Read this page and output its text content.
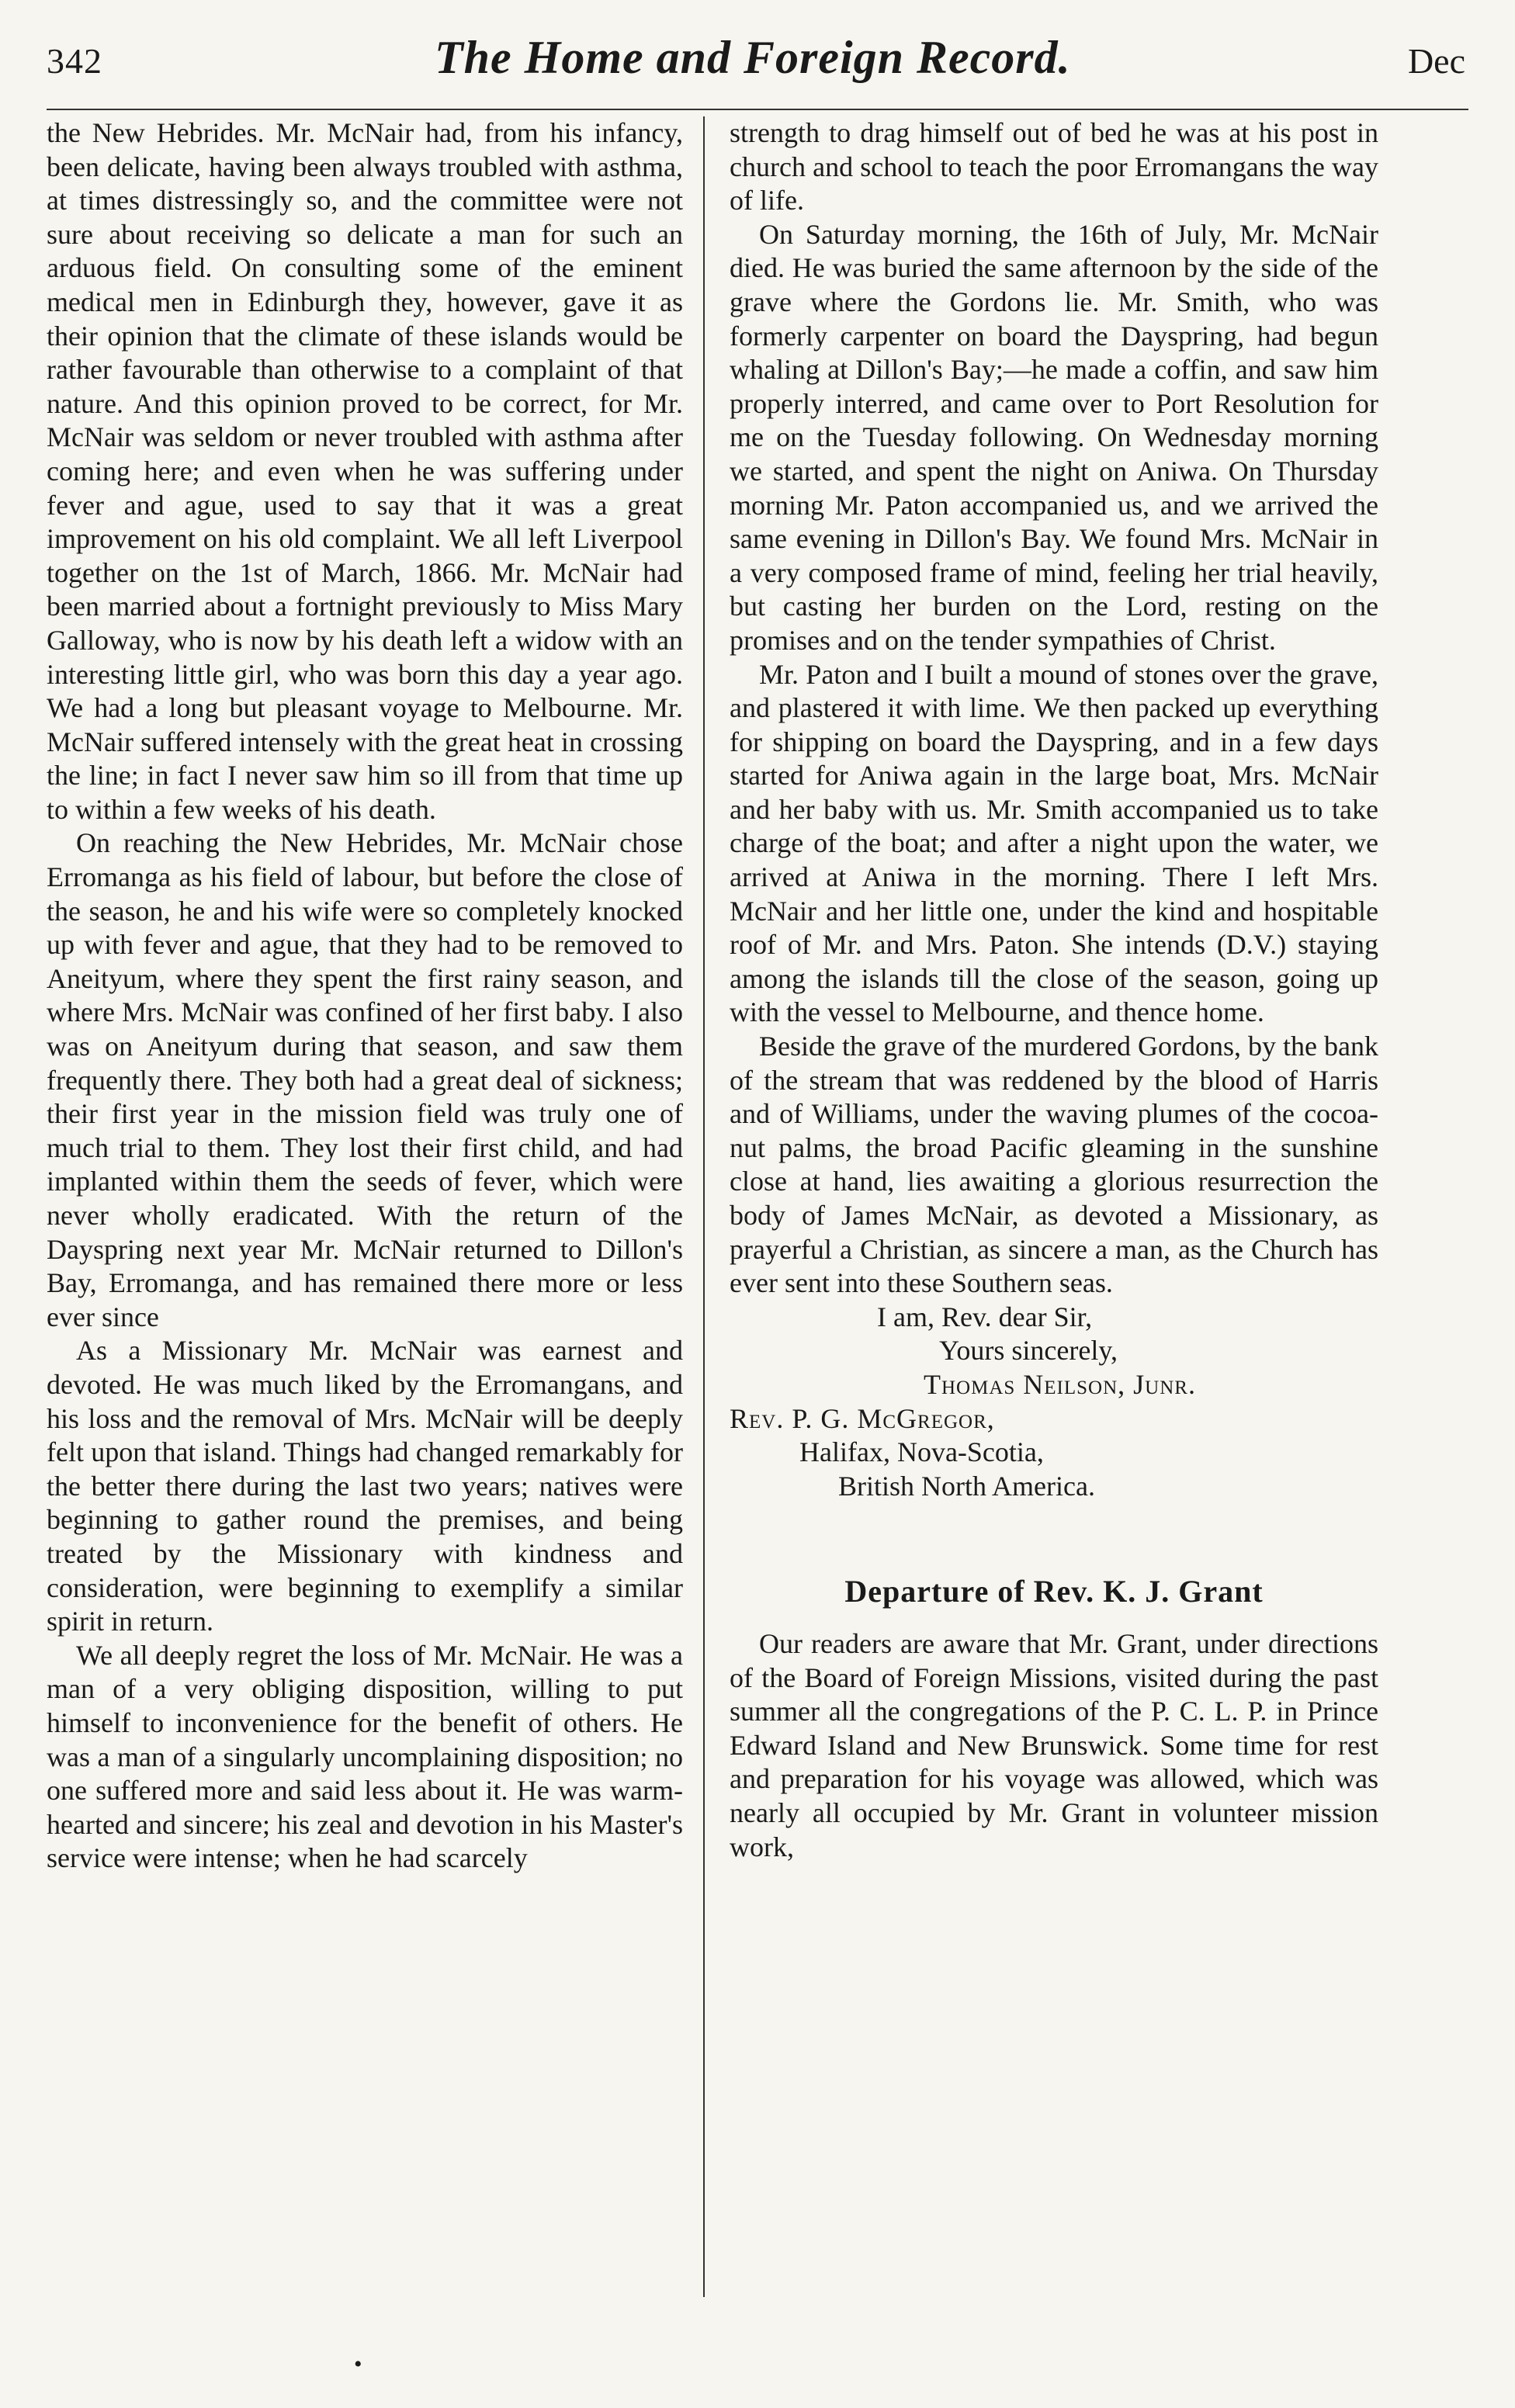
342	The Home and Foreign Record.	Dec

the New Hebrides. Mr. McNair had, from his infancy, been delicate, having been always troubled with asthma, at times distressingly so, and the committee were not sure about receiving so delicate a man for such an arduous field. On consulting some of the eminent medical men in Edinburgh they, however, gave it as their opinion that the climate of these islands would be rather favourable than otherwise to a complaint of that nature. And this opinion proved to be correct, for Mr. McNair was seldom or never troubled with asthma after coming here; and even when he was suffering under fever and ague, used to say that it was a great improvement on his old complaint. We all left Liverpool together on the 1st of March, 1866. Mr. McNair had been married about a fortnight previously to Miss Mary Galloway, who is now by his death left a widow with an interesting little girl, who was born this day a year ago. We had a long but pleasant voyage to Melbourne. Mr. McNair suffered intensely with the great heat in crossing the line; in fact I never saw him so ill from that time up to within a few weeks of his death.

On reaching the New Hebrides, Mr. McNair chose Erromanga as his field of labour, but before the close of the season, he and his wife were so completely knocked up with fever and ague, that they had to be removed to Aneityum, where they spent the first rainy season, and where Mrs. McNair was confined of her first baby. I also was on Aneityum during that season, and saw them frequently there. They both had a great deal of sickness; their first year in the mission field was truly one of much trial to them. They lost their first child, and had implanted within them the seeds of fever, which were never wholly eradicated. With the return of the Dayspring next year Mr. McNair returned to Dillon's Bay, Erromanga, and has remained there more or less ever since

As a Missionary Mr. McNair was earnest and devoted. He was much liked by the Erromangans, and his loss and the removal of Mrs. McNair will be deeply felt upon that island. Things had changed remarkably for the better there during the last two years; natives were beginning to gather round the premises, and being treated by the Missionary with kindness and consideration, were beginning to exemplify a similar spirit in return.

We all deeply regret the loss of Mr. McNair. He was a man of a very obliging disposition, willing to put himself to inconvenience for the benefit of others. He was a man of a singularly uncomplaining disposition; no one suffered more and said less about it. He was warm-hearted and sincere; his zeal and devotion in his Master's service were intense; when he had scarcely

strength to drag himself out of bed he was at his post in church and school to teach the poor Erromangans the way of life.

On Saturday morning, the 16th of July, Mr. McNair died. He was buried the same afternoon by the side of the grave where the Gordons lie. Mr. Smith, who was formerly carpenter on board the Dayspring, had begun whaling at Dillon's Bay;—he made a coffin, and saw him properly interred, and came over to Port Resolution for me on the Tuesday following. On Wednesday morning we started, and spent the night on Aniwa. On Thursday morning Mr. Paton accompanied us, and we arrived the same evening in Dillon's Bay. We found Mrs. McNair in a very composed frame of mind, feeling her trial heavily, but casting her burden on the Lord, resting on the promises and on the tender sympathies of Christ.

Mr. Paton and I built a mound of stones over the grave, and plastered it with lime. We then packed up everything for shipping on board the Dayspring, and in a few days started for Aniwa again in the large boat, Mrs. McNair and her baby with us. Mr. Smith accompanied us to take charge of the boat; and after a night upon the water, we arrived at Aniwa in the morning. There I left Mrs. McNair and her little one, under the kind and hospitable roof of Mr. and Mrs. Paton. She intends (D.V.) staying among the islands till the close of the season, going up with the vessel to Melbourne, and thence home.

Beside the grave of the murdered Gordons, by the bank of the stream that was reddened by the blood of Harris and of Williams, under the waving plumes of the cocoa-nut palms, the broad Pacific gleaming in the sunshine close at hand, lies awaiting a glorious resurrection the body of James McNair, as devoted a Missionary, as prayerful a Christian, as sincere a man, as the Church has ever sent into these Southern seas.

I am, Rev. dear Sir,

Yours sincerely,

Thomas Neilson, Junr.

Rev. P. G. McGregor,

Halifax, Nova-Scotia,

British North America.

Departure of Rev. K. J. Grant

Our readers are aware that Mr. Grant, under directions of the Board of Foreign Missions, visited during the past summer all the congregations of the P. C. L. P. in Prince Edward Island and New Brunswick. Some time for rest and preparation for his voyage was allowed, which was nearly all occupied by Mr. Grant in volunteer mission work,

•
